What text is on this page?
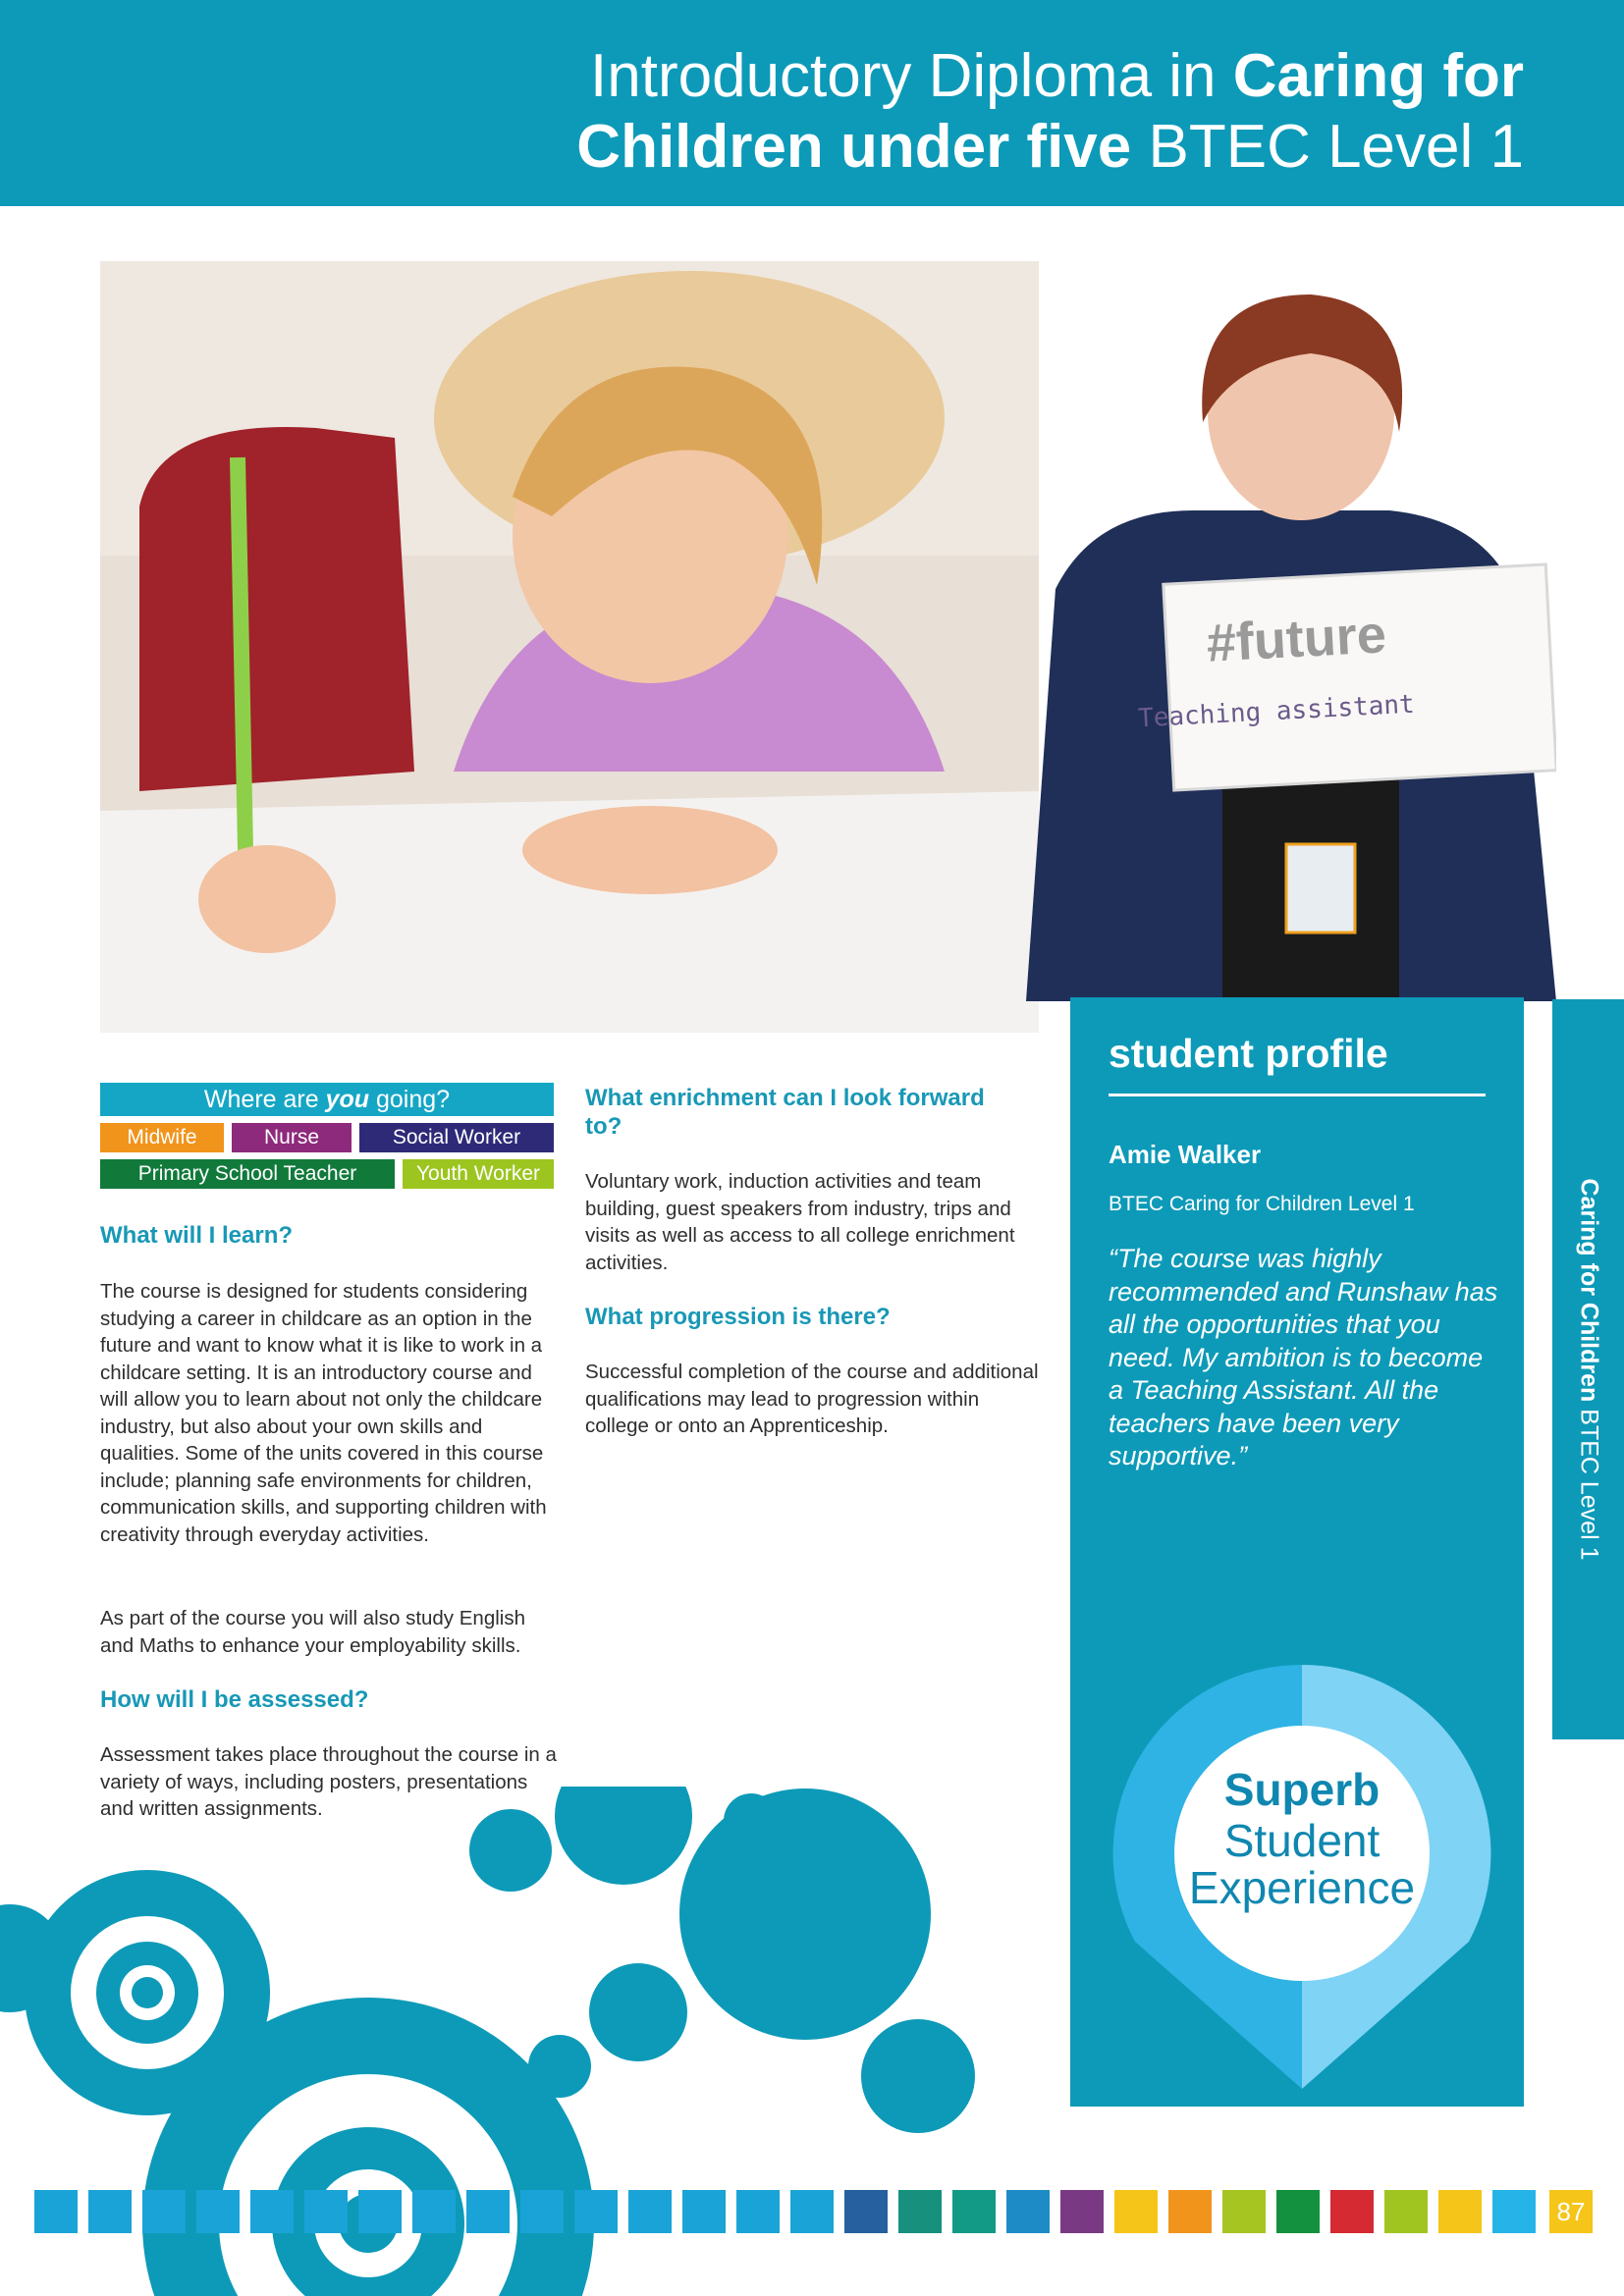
Introductory Diploma in Caring for
Children under five BTEC Level 1
#future
Teaching assistant
Where are you going?
Midwife	Nurse	Social Worker
Primary School Teacher	Youth Worker
What will I learn?

The course is designed for students considering studying a career in childcare as an option in the future and want to know what it is like to work in a childcare setting. It is an introductory course and will allow you to learn about not only the childcare industry, but also about your own skills and qualities. Some of the units covered in this course include; planning safe environments for children, communication skills, and supporting children with creativity through everyday activities.

As part of the course you will also study English and Maths to enhance your employability skills.

How will I be assessed?

Assessment takes place throughout the course in a variety of ways, including posters, presentations and written assignments.

What enrichment can I look forward to?

Voluntary work, induction activities and team building, guest speakers from industry, trips and visits as well as access to all college enrichment activities.

What progression is there?

Successful completion of the course and additional qualifications may lead to progression within college or onto an Apprenticeship.

student profile
Amie Walker
BTEC Caring for Children Level 1
“The course was highly recommended and Runshaw has all the opportunities that you need. My ambition is to become a Teaching Assistant. All the teachers have been very supportive.”
Superb
Student
Experience
Caring for Children BTEC Level 1
87
